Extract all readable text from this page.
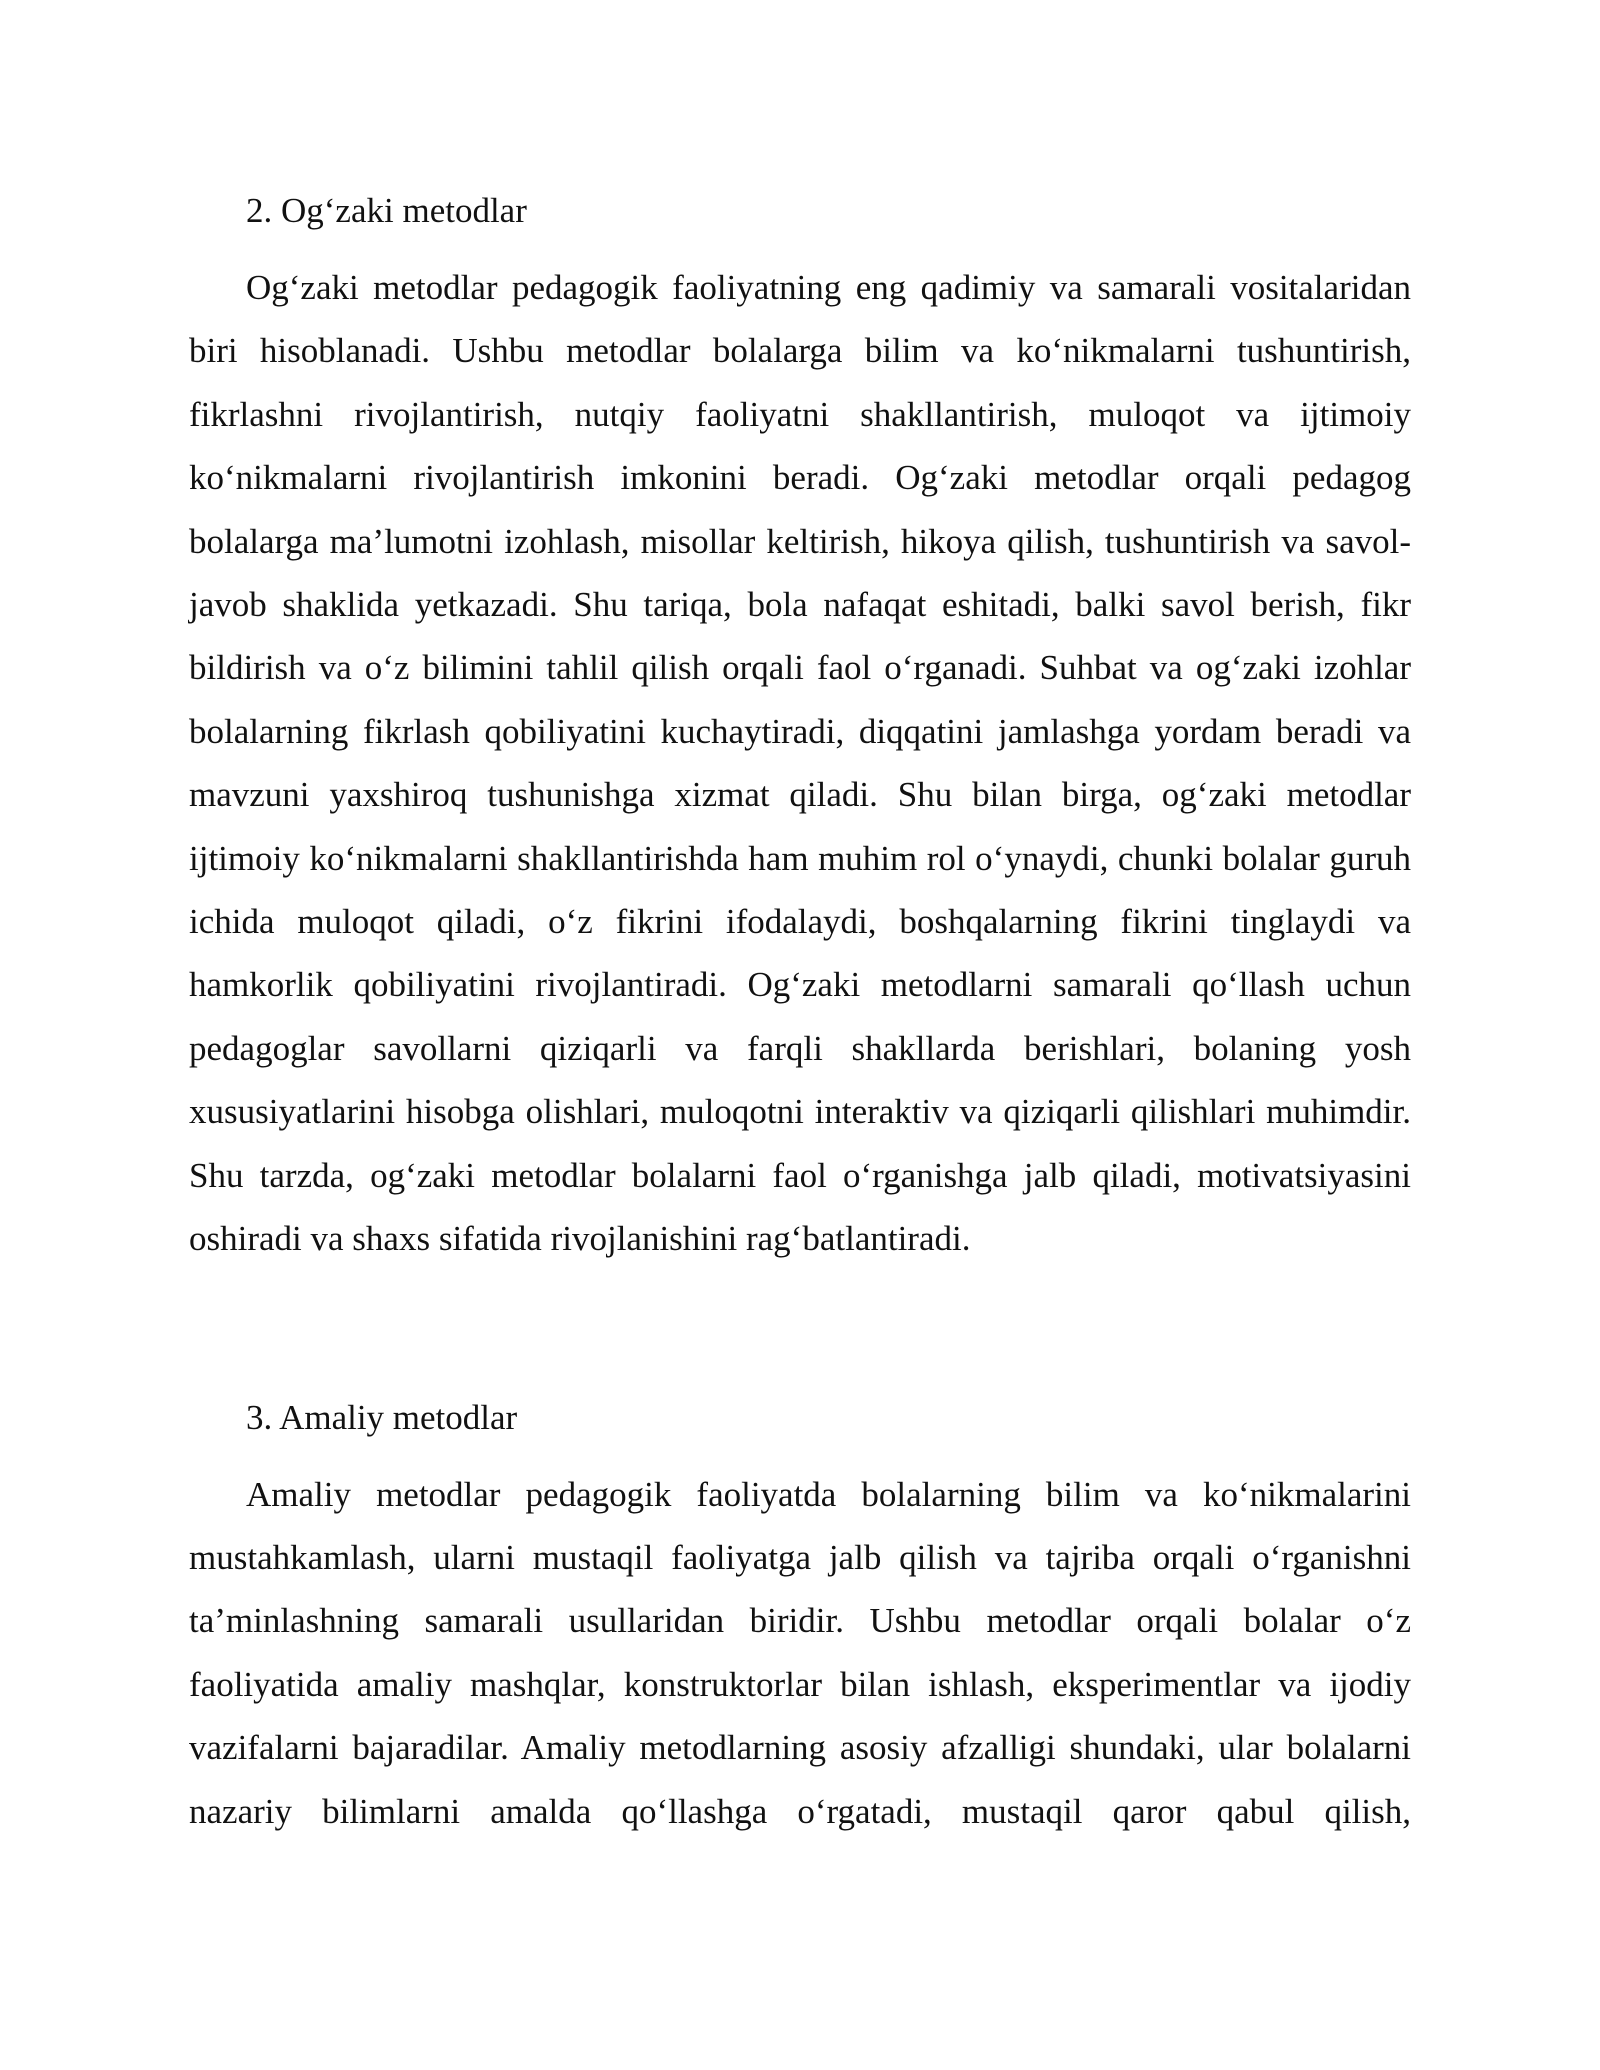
2. Og‘zaki metodlar

Og‘zaki metodlar pedagogik faoliyatning eng qadimiy va samarali vositalaridan biri hisoblanadi. Ushbu metodlar bolalarga bilim va ko‘nikmalarni tushuntirish, fikrlashni rivojlantirish, nutqiy faoliyatni shakllantirish, muloqot va ijtimoiy ko‘nikmalarni rivojlantirish imkonini beradi. Og‘zaki metodlar orqali pedagog bolalarga ma’lumotni izohlash, misollar keltirish, hikoya qilish, tushuntirish va savol-javob shaklida yetkazadi. Shu tariqa, bola nafaqat eshitadi, balki savol berish, fikr bildirish va o‘z bilimini tahlil qilish orqali faol o‘rganadi. Suhbat va og‘zaki izohlar bolalarning fikrlash qobiliyatini kuchaytiradi, diqqatini jamlashga yordam beradi va mavzuni yaxshiroq tushunishga xizmat qiladi. Shu bilan birga, og‘zaki metodlar ijtimoiy ko‘nikmalarni shakllantirishda ham muhim rol o‘ynaydi, chunki bolalar guruh ichida muloqot qiladi, o‘z fikrini ifodalaydi, boshqalarning fikrini tinglaydi va hamkorlik qobiliyatini rivojlantiradi. Og‘zaki metodlarni samarali qo‘llash uchun pedagoglar savollarni qiziqarli va farqli shakllarda berishlari, bolaning yosh xususiyatlarini hisobga olishlari, muloqotni interaktiv va qiziqarli qilishlari muhimdir. Shu tarzda, og‘zaki metodlar bolalarni faol o‘rganishga jalb qiladi, motivatsiyasini oshiradi va shaxs sifatida rivojlanishini rag‘batlantiradi.

3. Amaliy metodlar

Amaliy metodlar pedagogik faoliyatda bolalarning bilim va ko‘nikmalarini mustahkamlash, ularni mustaqil faoliyatga jalb qilish va tajriba orqali o‘rganishni ta’minlashning samarali usullaridan biridir. Ushbu metodlar orqali bolalar o‘z faoliyatida amaliy mashqlar, konstruktorlar bilan ishlash, eksperimentlar va ijodiy vazifalarni bajaradilar. Amaliy metodlarning asosiy afzalligi shundaki, ular bolalarni nazariy bilimlarni amalda qo‘llashga o‘rgatadi, mustaqil qaror qabul qilish,
